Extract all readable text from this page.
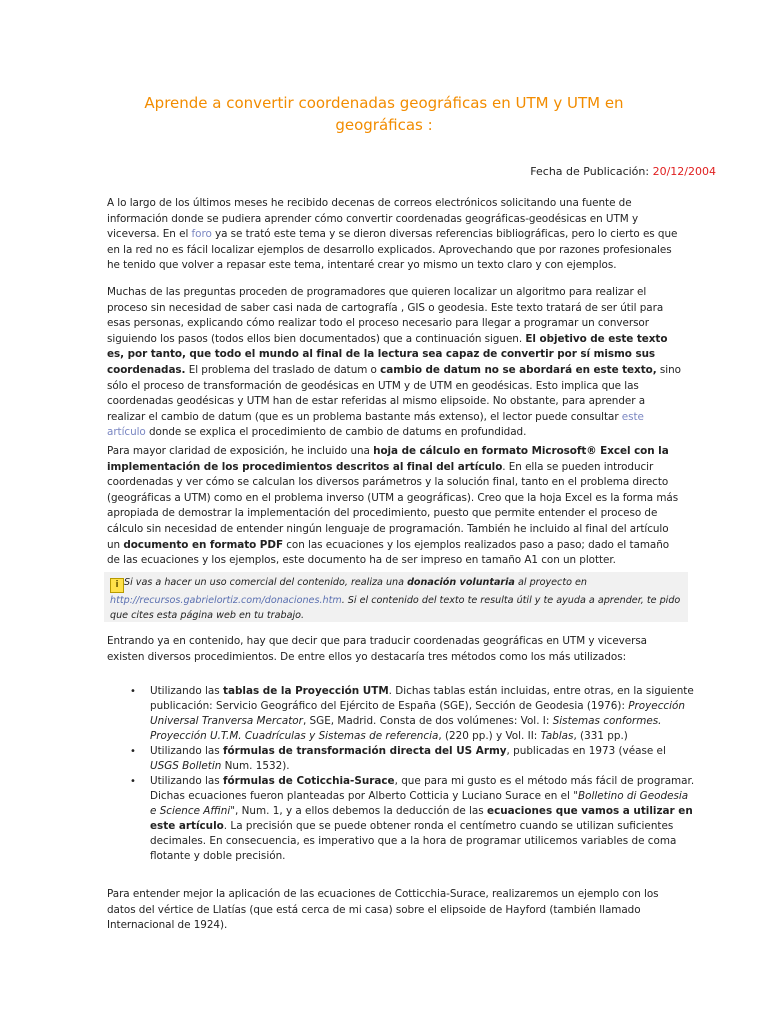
Aprende a convertir coordenadas geográficas en UTM y UTM en geográficas :
Fecha de Publicación: 20/12/2004

A lo largo de los últimos meses he recibido decenas de correos electrónicos solicitando una fuente de información donde se pudiera aprender cómo convertir coordenadas geográficas-geodésicas en UTM y viceversa. En el foro ya se trató este tema y se dieron diversas referencias bibliográficas, pero lo cierto es que en la red no es fácil localizar ejemplos de desarrollo explicados. Aprovechando que por razones profesionales he tenido que volver a repasar este tema, intentaré crear yo mismo un texto claro y con ejemplos.

Muchas de las preguntas proceden de programadores que quieren localizar un algoritmo para realizar el proceso sin necesidad de saber casi nada de cartografía , GIS o geodesia. Este texto tratará de ser útil para esas personas, explicando cómo realizar todo el proceso necesario para llegar a programar un conversor siguiendo los pasos (todos ellos bien documentados) que a continuación siguen. El objetivo de este texto es, por tanto, que todo el mundo al final de la lectura sea capaz de convertir por sí mismo sus coordenadas. El problema del traslado de datum o cambio de datum no se abordará en este texto, sino sólo el proceso de transformación de geodésicas en UTM y de UTM en geodésicas. Esto implica que las coordenadas geodésicas y UTM han de estar referidas al mismo elipsoide. No obstante, para aprender a realizar el cambio de datum (que es un problema bastante más extenso), el lector puede consultar este artículo donde se explica el procedimiento de cambio de datums en profundidad.

Para mayor claridad de exposición, he incluido una hoja de cálculo en formato Microsoft® Excel con la implementación de los procedimientos descritos al final del artículo. En ella se pueden introducir coordenadas y ver cómo se calculan los diversos parámetros y la solución final, tanto en el problema directo (geográficas a UTM) como en el problema inverso (UTM a geográficas). Creo que la hoja Excel es la forma más apropiada de demostrar la implementación del procedimiento, puesto que permite entender el proceso de cálculo sin necesidad de entender ningún lenguaje de programación. También he incluido al final del artículo un documento en formato PDF con las ecuaciones y los ejemplos realizados paso a paso; dado el tamaño de las ecuaciones y los ejemplos, este documento ha de ser impreso en tamaño A1 con un plotter.

i Si vas a hacer un uso comercial del contenido, realiza una donación voluntaria al proyecto en http://recursos.gabrielortiz.com/donaciones.htm. Si el contenido del texto te resulta útil y te ayuda a aprender, te pido que cites esta página web en tu trabajo.

Entrando ya en contenido, hay que decir que para traducir coordenadas geográficas en UTM y viceversa existen diversos procedimientos. De entre ellos yo destacaría tres métodos como los más utilizados:

• Utilizando las tablas de la Proyección UTM. Dichas tablas están incluidas, entre otras, en la siguiente publicación: Servicio Geográfico del Ejército de España (SGE), Sección de Geodesia (1976): Proyección Universal Tranversa Mercator, SGE, Madrid. Consta de dos volúmenes: Vol. I: Sistemas conformes. Proyección U.T.M. Cuadrículas y Sistemas de referencia, (220 pp.) y Vol. II: Tablas, (331 pp.)
• Utilizando las fórmulas de transformación directa del US Army, publicadas en 1973 (véase el USGS Bolletin Num. 1532).
• Utilizando las fórmulas de Coticchia-Surace, que para mi gusto es el método más fácil de programar. Dichas ecuaciones fueron planteadas por Alberto Cotticia y Luciano Surace en el "Bolletino di Geodesia e Science Affini", Num. 1, y a ellos debemos la deducción de las ecuaciones que vamos a utilizar en este artículo. La precisión que se puede obtener ronda el centímetro cuando se utilizan suficientes decimales. En consecuencia, es imperativo que a la hora de programar utilicemos variables de coma flotante y doble precisión.

Para entender mejor la aplicación de las ecuaciones de Cotticchia-Surace, realizaremos un ejemplo con los datos del vértice de Llatías (que está cerca de mi casa) sobre el elipsoide de Hayford (también llamado Internacional de 1924).
